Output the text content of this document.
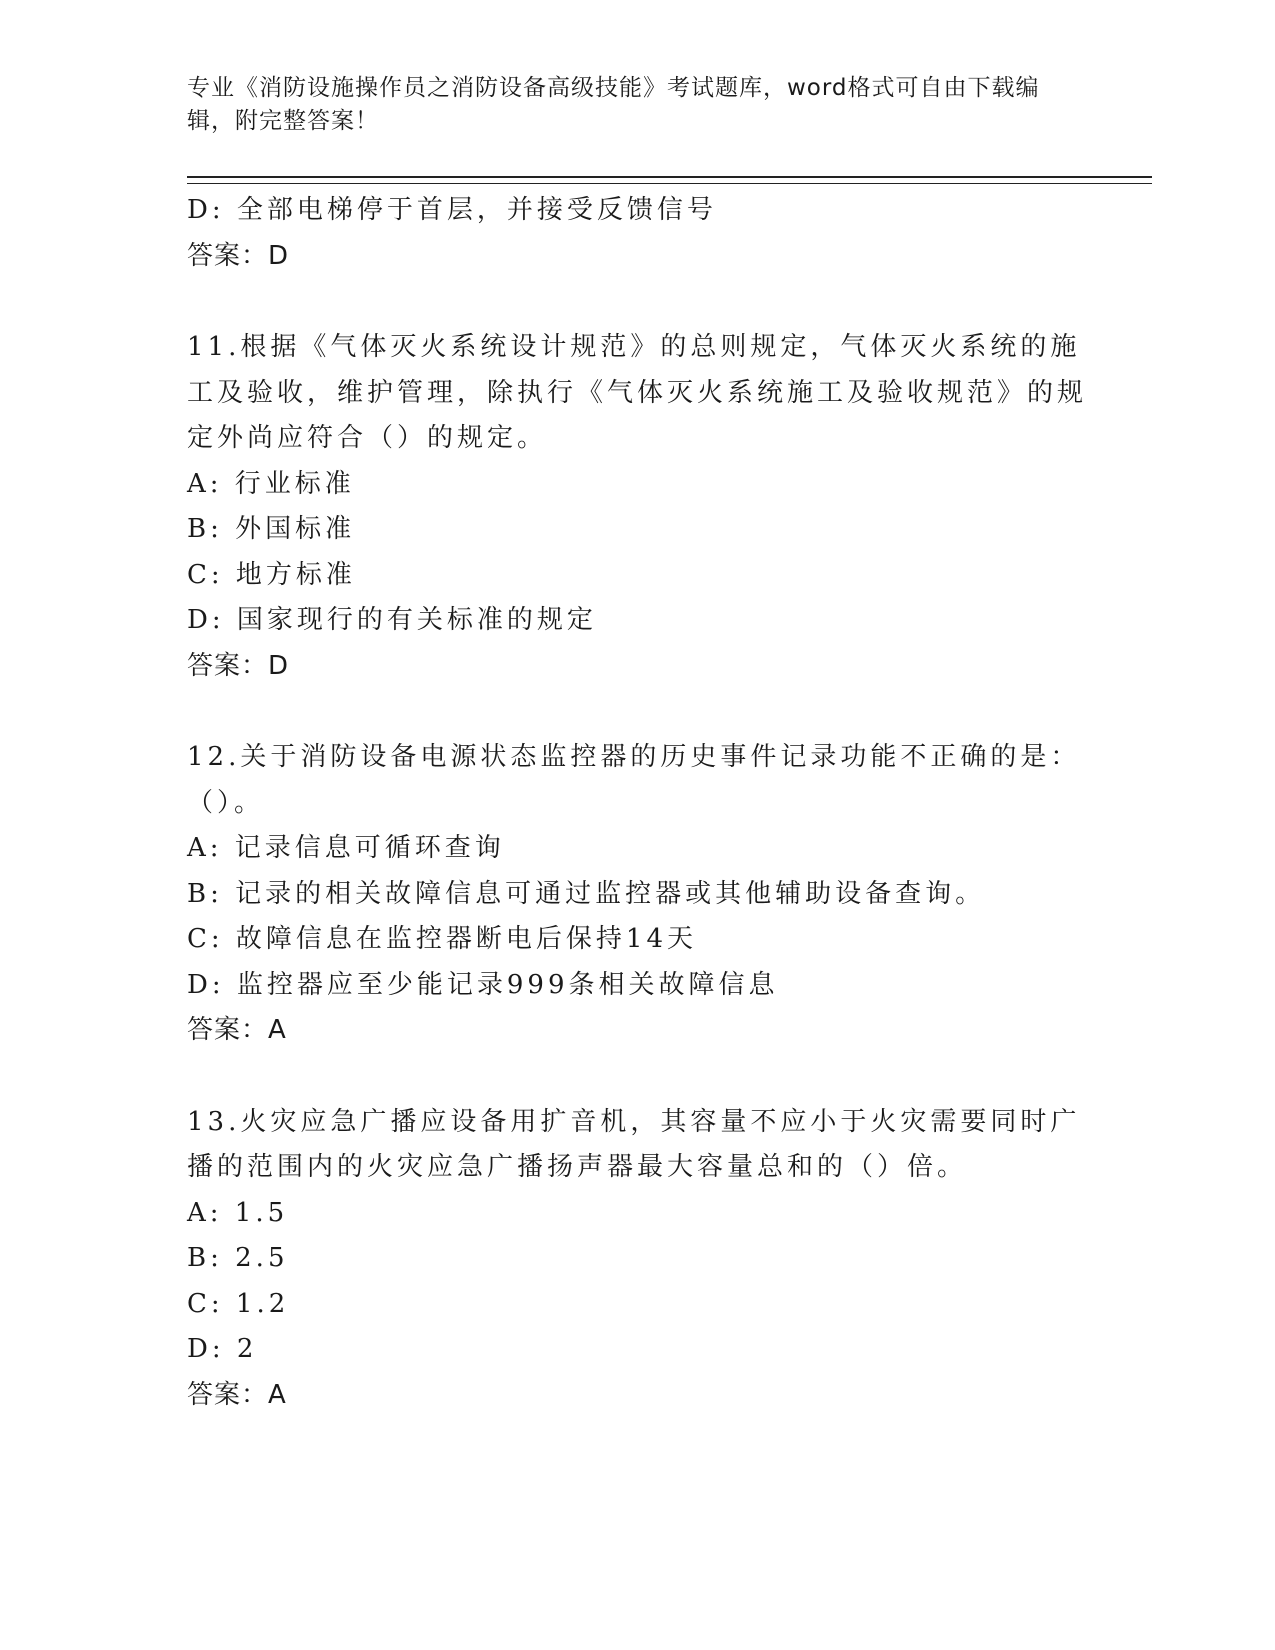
专业《消防设施操作员之消防设备高级技能》考试题库，word格式可自由下载编辑，附完整答案！
D: 全部电梯停于首层，并接受反馈信号
答案：D
11.根据《气体灭火系统设计规范》的总则规定，气体灭火系统的施工及验收，维护管理，除执行《气体灭火系统施工及验收规范》的规定外尚应符合（）的规定。
A: 行业标准
B: 外国标准
C: 地方标准
D: 国家现行的有关标准的规定
答案：D
12.关于消防设备电源状态监控器的历史事件记录功能不正确的是：（）。
A: 记录信息可循环查询
B: 记录的相关故障信息可通过监控器或其他辅助设备查询。
C: 故障信息在监控器断电后保持14天
D: 监控器应至少能记录999条相关故障信息
答案：A
13.火灾应急广播应设备用扩音机，其容量不应小于火灾需要同时广播的范围内的火灾应急广播扬声器最大容量总和的（）倍。
A: 1.5
B: 2.5
C: 1.2
D: 2
答案：A
